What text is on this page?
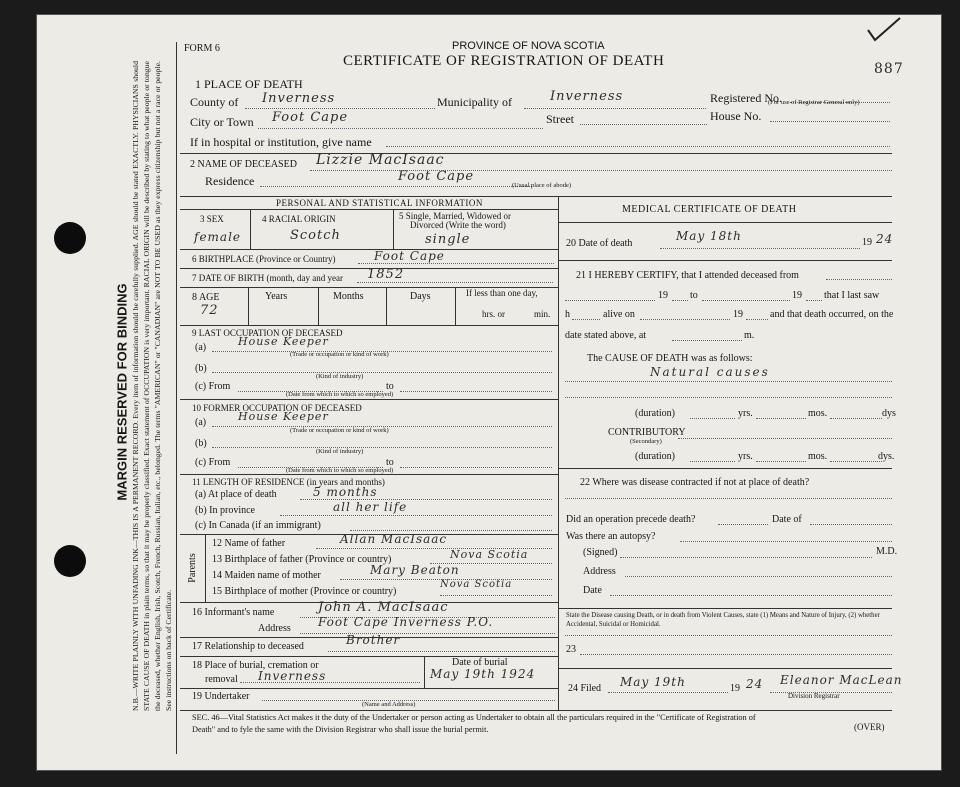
MARGIN RESERVED FOR BINDING N.B.—WRITE PLAINLY WITH UNFADING INK—THIS IS A PERMANENT RECORD. Every item of information should be carefully supplied. AGE should be stated EXACTLY. PHYSICIANS should STATE CAUSE OF DEATH in plain terms, so that it may be properly classified. Exact statement of OCCUPATION is very important. RACIAL ORIGIN will be described by stating to what people or tongue the deceased, whether English, Irish, Scotch, French, Russian, Italian, etc., belonged. The terms "AMERICAN" or "CANADIAN" are NOT TO BE USED as they express citizenship but not a race or people. See instructions on back of Certificate.
FORM 6	PROVINCE OF NOVA SCOTIA
CERTIFICATE OF REGISTRATION OF DEATH	887
1 PLACE OF DEATH
County of Inverness	Municipality of	Inverness	Registered No.
(For use of Registrar General only)
City or Town Foot Cape	Street	House No.
If in hospital or institution, give name
2 NAME OF DECEASED Lizzie MacIsaac
Residence	Foot Cape
(Usual place of abode)
PERSONAL AND STATISTICAL INFORMATION
3 SEX	4 RACIAL ORIGIN	5 Single, Married, Widowed or
Divorced (Write the word)
female	Scotch	single
6 BIRTHPLACE (Province or Country)	Foot Cape
7 DATE OF BIRTH (month, day and year 1852
8 AGE
72
Years	Months	Days	If less than one day,
hrs. or	min.
9 LAST OCCUPATION OF DECEASED
(a)	House Keeper
(Trade or occupation or kind of work)
(b)
(Kind of industry)
(c) From	to
(Date from which to which so employed)
10 FORMER OCCUPATION OF DECEASED
(a)	House Keeper
(Trade or occupation or kind of work)
(b)
(Kind of industry)
(c) From	to
(Date from which to which so employed)
11 LENGTH OF RESIDENCE (in years and months)
(a) At place of death	5 months
(b) In province	all her life
(c) In Canada (if an immigrant)
Parents
12 Name of father	Allan MacIsaac
13 Birthplace of father (Province or country)	Nova Scotia
14 Maiden name of mother	Mary Beaton
15 Birthplace of mother (Province or country)
Nova Scotia
16 Informant's name	John A. MacIsaac
Address Foot Cape Inverness P.O.
17 Relationship to deceased	Brother
18 Place of burial, cremation or
removal Inverness
Date of burial
May 19th 1924
19 Undertaker
(Name and Address)
MEDICAL CERTIFICATE OF DEATH
20 Date of death
May 18th	19 24
21 I HEREBY CERTIFY, that I attended deceased from
19 to	19 that I last saw
h	alive on	19	and that death occurred, on the
date stated above, at	m.
The CAUSE OF DEATH was as follows:
Natural causes
(duration)	yrs.	mos.	dys
CONTRIBUTORY
(Secondary)
(duration)	yrs.	mos.	dys.
22 Where was disease contracted if not at place of death?
Did an operation precede death?	Date of
Was there an autopsy?
(Signed)	M.D.
Address
Date
State the Disease causing Death, or in death from Violent Causes, state (1) Means and Nature of Injury, (2) whether Accidental, Suicidal or Homicidal.
23
24 Filed May 19th	19 24 Eleanor MacLean
Division Registrar
SEC. 46—Vital Statistics Act makes it the duty of the Undertaker or person acting as Undertaker to obtain all the particulars required in the "Certificate of Registration of
Death" and to fyle the same with the Division Registrar who shall issue the burial permit.	(OVER)
